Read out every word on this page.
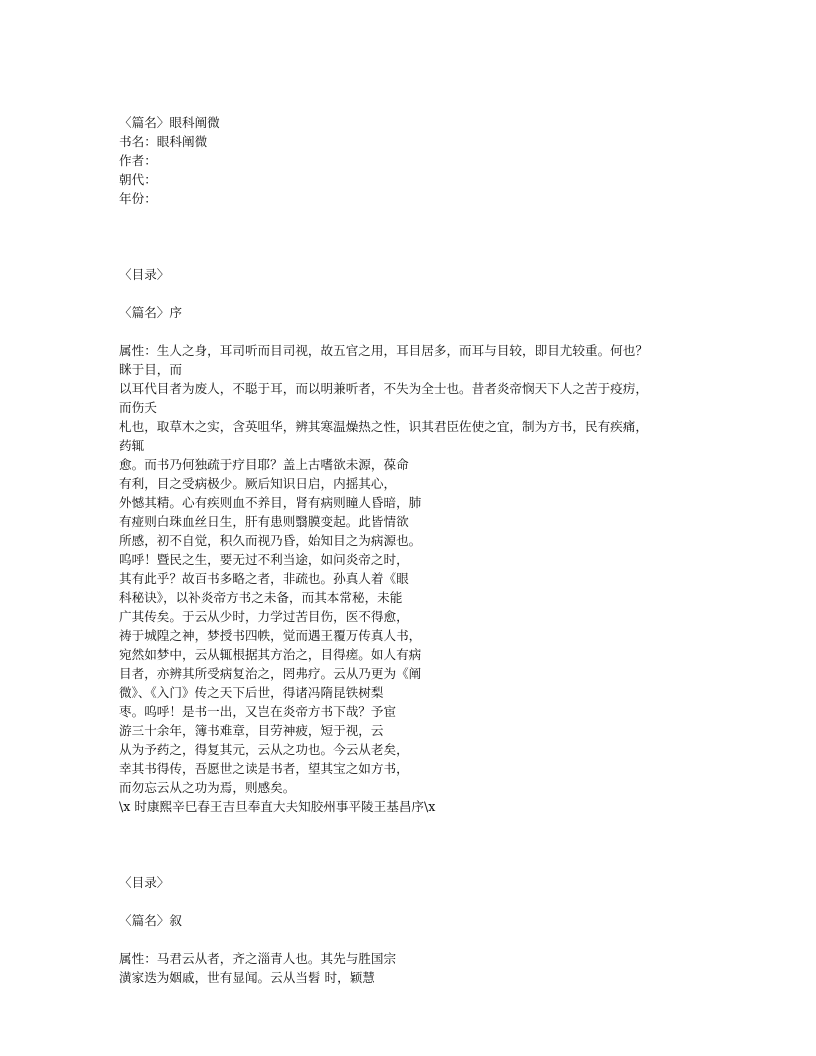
〈篇名〉眼科阐微
书名：眼科阐微
作者：
朝代：
年份：
〈目录〉
〈篇名〉序
属性：生人之身，耳司听而目司视，故五官之用，耳目居多，而耳与目较，即目尤较重。何也？
眯于目，而
以耳代目者为废人，不聪于耳，而以明兼听者，不失为全士也。昔者炎帝悯天下人之苦于疫疠，
而伤夭
札也，取草木之实，含英咀华，辨其寒温燥热之性，识其君臣佐使之宜，制为方书，民有疾痛，
药辄
愈。而书乃何独疏于疗目耶？盖上古嗜欲未源，葆命
有利，目之受病极少。厥后知识日启，内摇其心，
外憾其精。心有疾则血不养目，肾有病则瞳人昏暗，肺
有痖则白珠血丝日生，肝有患则翳膜变起。此皆情欲
所感，初不自觉，积久而视乃昏，始知目之为病源也。
呜呼！暨民之生，要无过不利当途，如问炎帝之时，
其有此乎？故百书多略之者，非疏也。孙真人着《眼
科秘诀》，以补炎帝方书之未备，而其本常秘，未能
广其传矣。于云从少时，力学过苦目伤，医不得愈，
祷于城隍之神，梦授书四帙，觉而遇王覆万传真人书，
宛然如梦中，云从辄根据其方治之，目得瘥。如人有病
目者，亦辨其所受病复治之，罔弗疗。云从乃更为《阐
微》、《入门》传之天下后世，得诸冯隋昆铁树梨
枣。呜呼！是书一出，又岂在炎帝方书下哉？予宦
游三十余年，簿书难章，目劳神疲，短于视，云
从为予药之，得复其元，云从之功也。今云从老矣，
幸其书得传，吾愿世之读是书者，望其宝之如方书，
而勿忘云从之功为焉，则感矣。
\x 时康熙辛巳春王吉旦奉直大夫知胶州事平陵王基昌序\x
〈目录〉
〈篇名〉叙
属性：马君云从者，齐之淄青人也。其先与胜国宗
潢家迭为姻戚，世有显闻。云从当髫 时，颖慧
